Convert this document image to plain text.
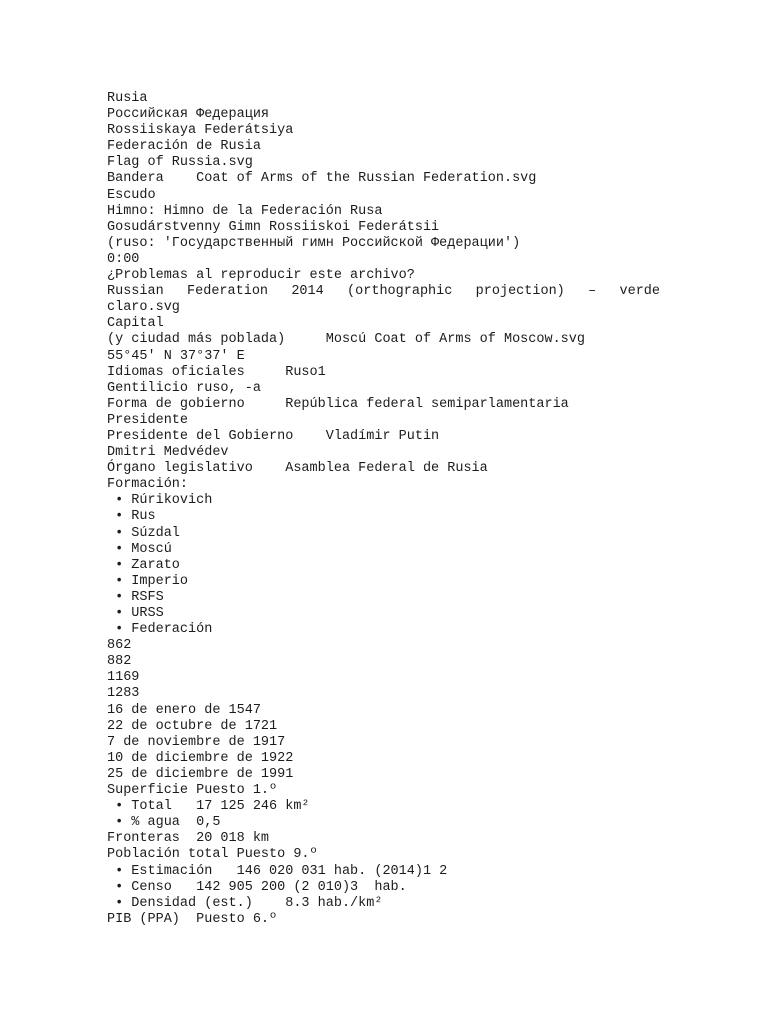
Rusia
Российская Федерация
Rossiiskaya Federátsiya
Federación de Rusia
Flag of Russia.svg
Bandera    Coat of Arms of the Russian Federation.svg
Escudo
Himno: Himno de la Federación Rusa
Gosudárstvenny Gimn Rossiiskoi Federátsii
(ruso: 'Государственный гимн Российской Федерации')
0:00
¿Problemas al reproducir este archivo?
Russian Federation 2014 (orthographic projection) – verde
claro.svg
Capital
(y ciudad más poblada)     Moscú Coat of Arms of Moscow.svg
55°45′ N 37°37′ E
Idiomas oficiales     Ruso1
Gentilicio ruso, -a
Forma de gobierno     República federal semiparlamentaria
Presidente
Presidente del Gobierno    Vladímir Putin
Dmitri Medvédev
Órgano legislativo    Asamblea Federal de Rusia
Formación:
• Rúrikovich
• Rus
• Súzdal
• Moscú
• Zarato
• Imperio
• RSFS
• URSS
• Federación
862
882
1169
1283
16 de enero de 1547
22 de octubre de 1721
7 de noviembre de 1917
10 de diciembre de 1922
25 de diciembre de 1991
Superficie Puesto 1.º
• Total   17 125 246 km²
• % agua  0,5
Fronteras  20 018 km
Población total Puesto 9.º
• Estimación   146 020 031 hab. (2014)1 2
• Censo   142 905 200 (2 010)3  hab.
• Densidad (est.)    8.3 hab./km²
PIB (PPA)  Puesto 6.º
